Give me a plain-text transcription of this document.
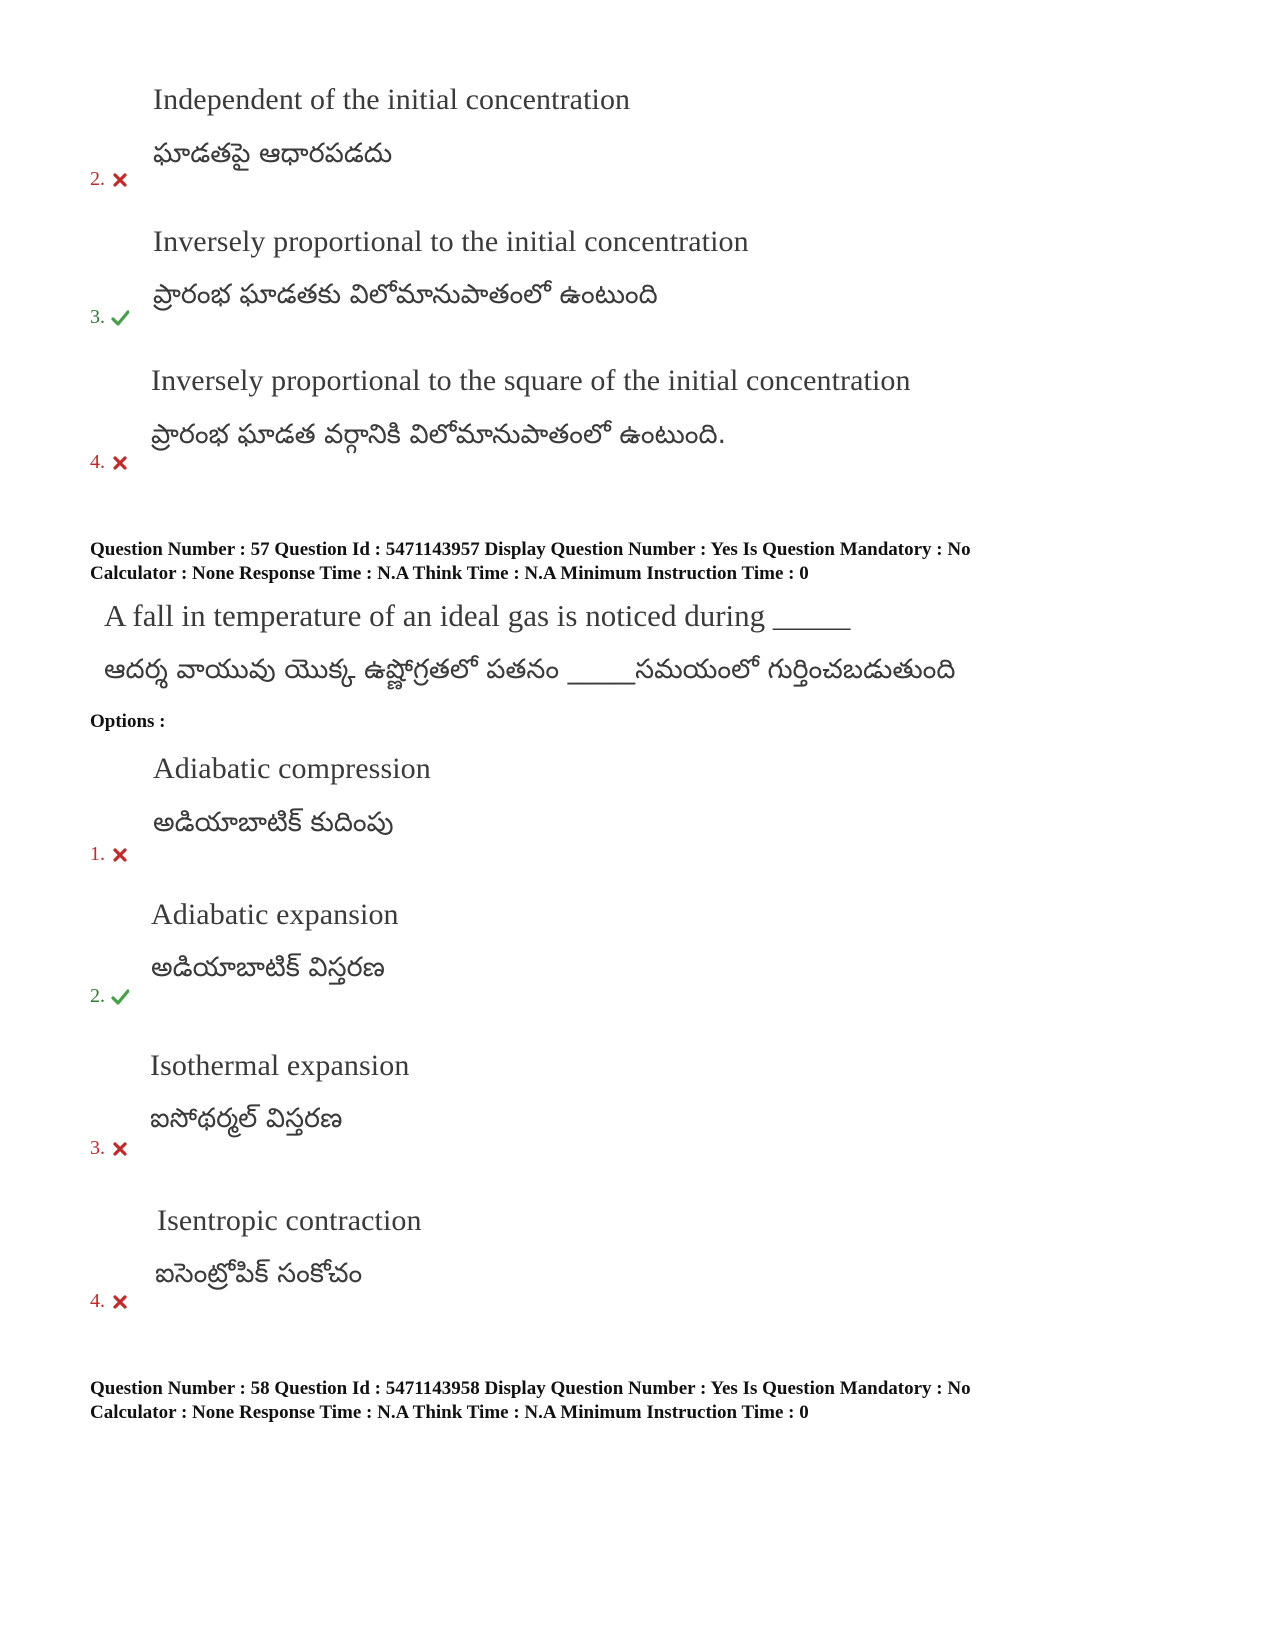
Independent of the initial concentration
ఘాడతపై ఆధారపడదు
2.
Inversely proportional to the initial concentration
ప్రారంభ ఘాడతకు విలోమానుపాతంలో ఉంటుంది
3.
Inversely proportional to the square of the initial concentration
ప్రారంభ ఘాడత వర్గానికి విలోమానుపాతంలో ఉంటుంది.
4.
Question Number : 57 Question Id : 5471143957 Display Question Number : Yes Is Question Mandatory : No
Calculator : None Response Time : N.A Think Time : N.A Minimum Instruction Time : 0
A fall in temperature of an ideal gas is noticed during _____
ఆదర్శ వాయువు యొక్క ఉష్ణోగ్రతలో పతనం _____సమయంలో గుర్తించబడుతుంది
Options :
Adiabatic compression
అడియాబాటిక్ కుదింపు
1.
Adiabatic expansion
అడియాబాటిక్ విస్తరణ
2.
Isothermal expansion
ఐసోథర్మల్ విస్తరణ
3.
Isentropic contraction
ఐసెంట్రోపిక్ సంకోచం
4.
Question Number : 58 Question Id : 5471143958 Display Question Number : Yes Is Question Mandatory : No
Calculator : None Response Time : N.A Think Time : N.A Minimum Instruction Time : 0
